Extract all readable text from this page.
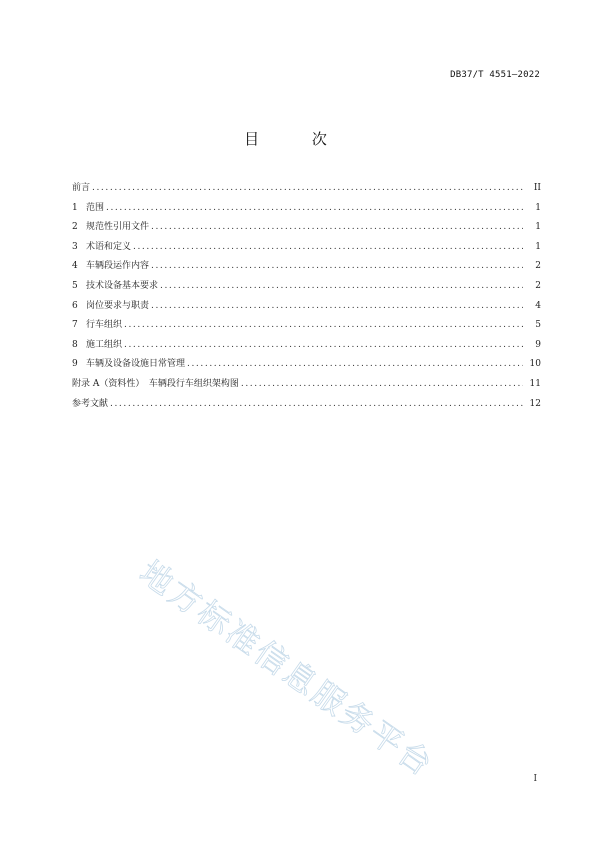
DB37/T 4551—2022
目 次
前言 .....	II
1 范围 .....	1
2 规范性引用文件 .....	1
3 术语和定义 .....	1
4 车辆段运作内容 .....	2
5 技术设备基本要求 .....	2
6 岗位要求与职责 .....	4
7 行车组织 .....	5
8 施工组织 .....	9
9 车辆及设备设施日常管理 .....	10
附录 A（资料性）　车辆段行车组织架构图 .....	11
参考文献 .....	12
地方标准信息服务平台	I
